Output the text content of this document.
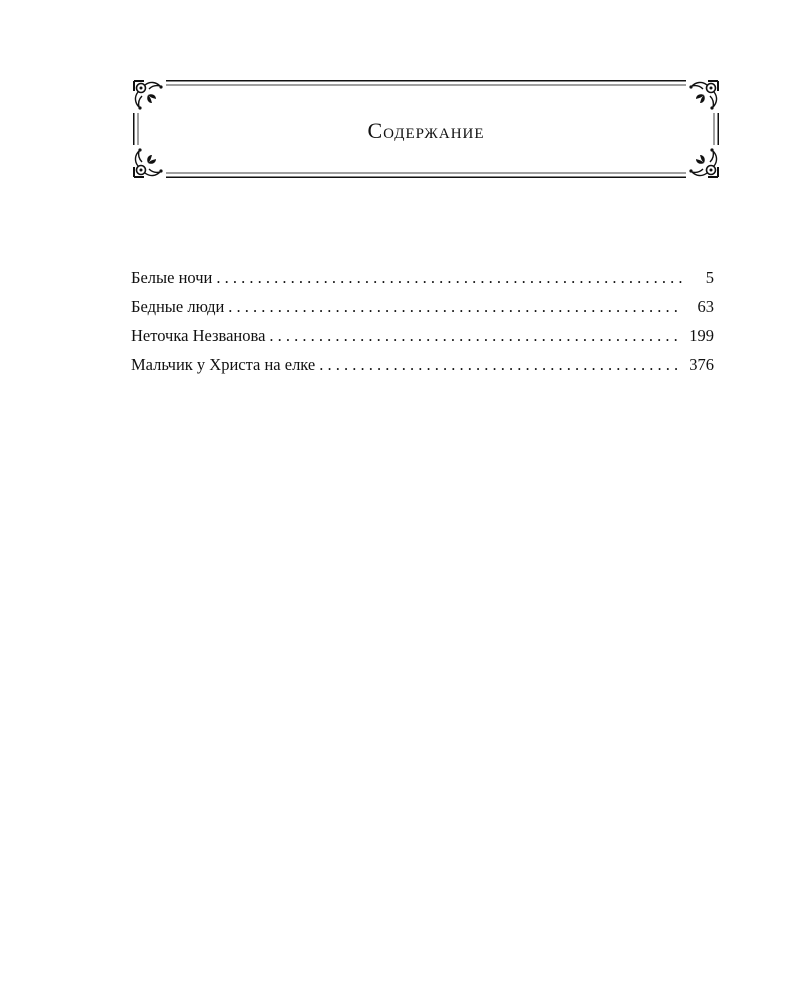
Содержание
Белые ночи . . .	5
Бедные люди . . .	63
Неточка Незванова . . .	199
Мальчик у Христа на елке . . .	376
